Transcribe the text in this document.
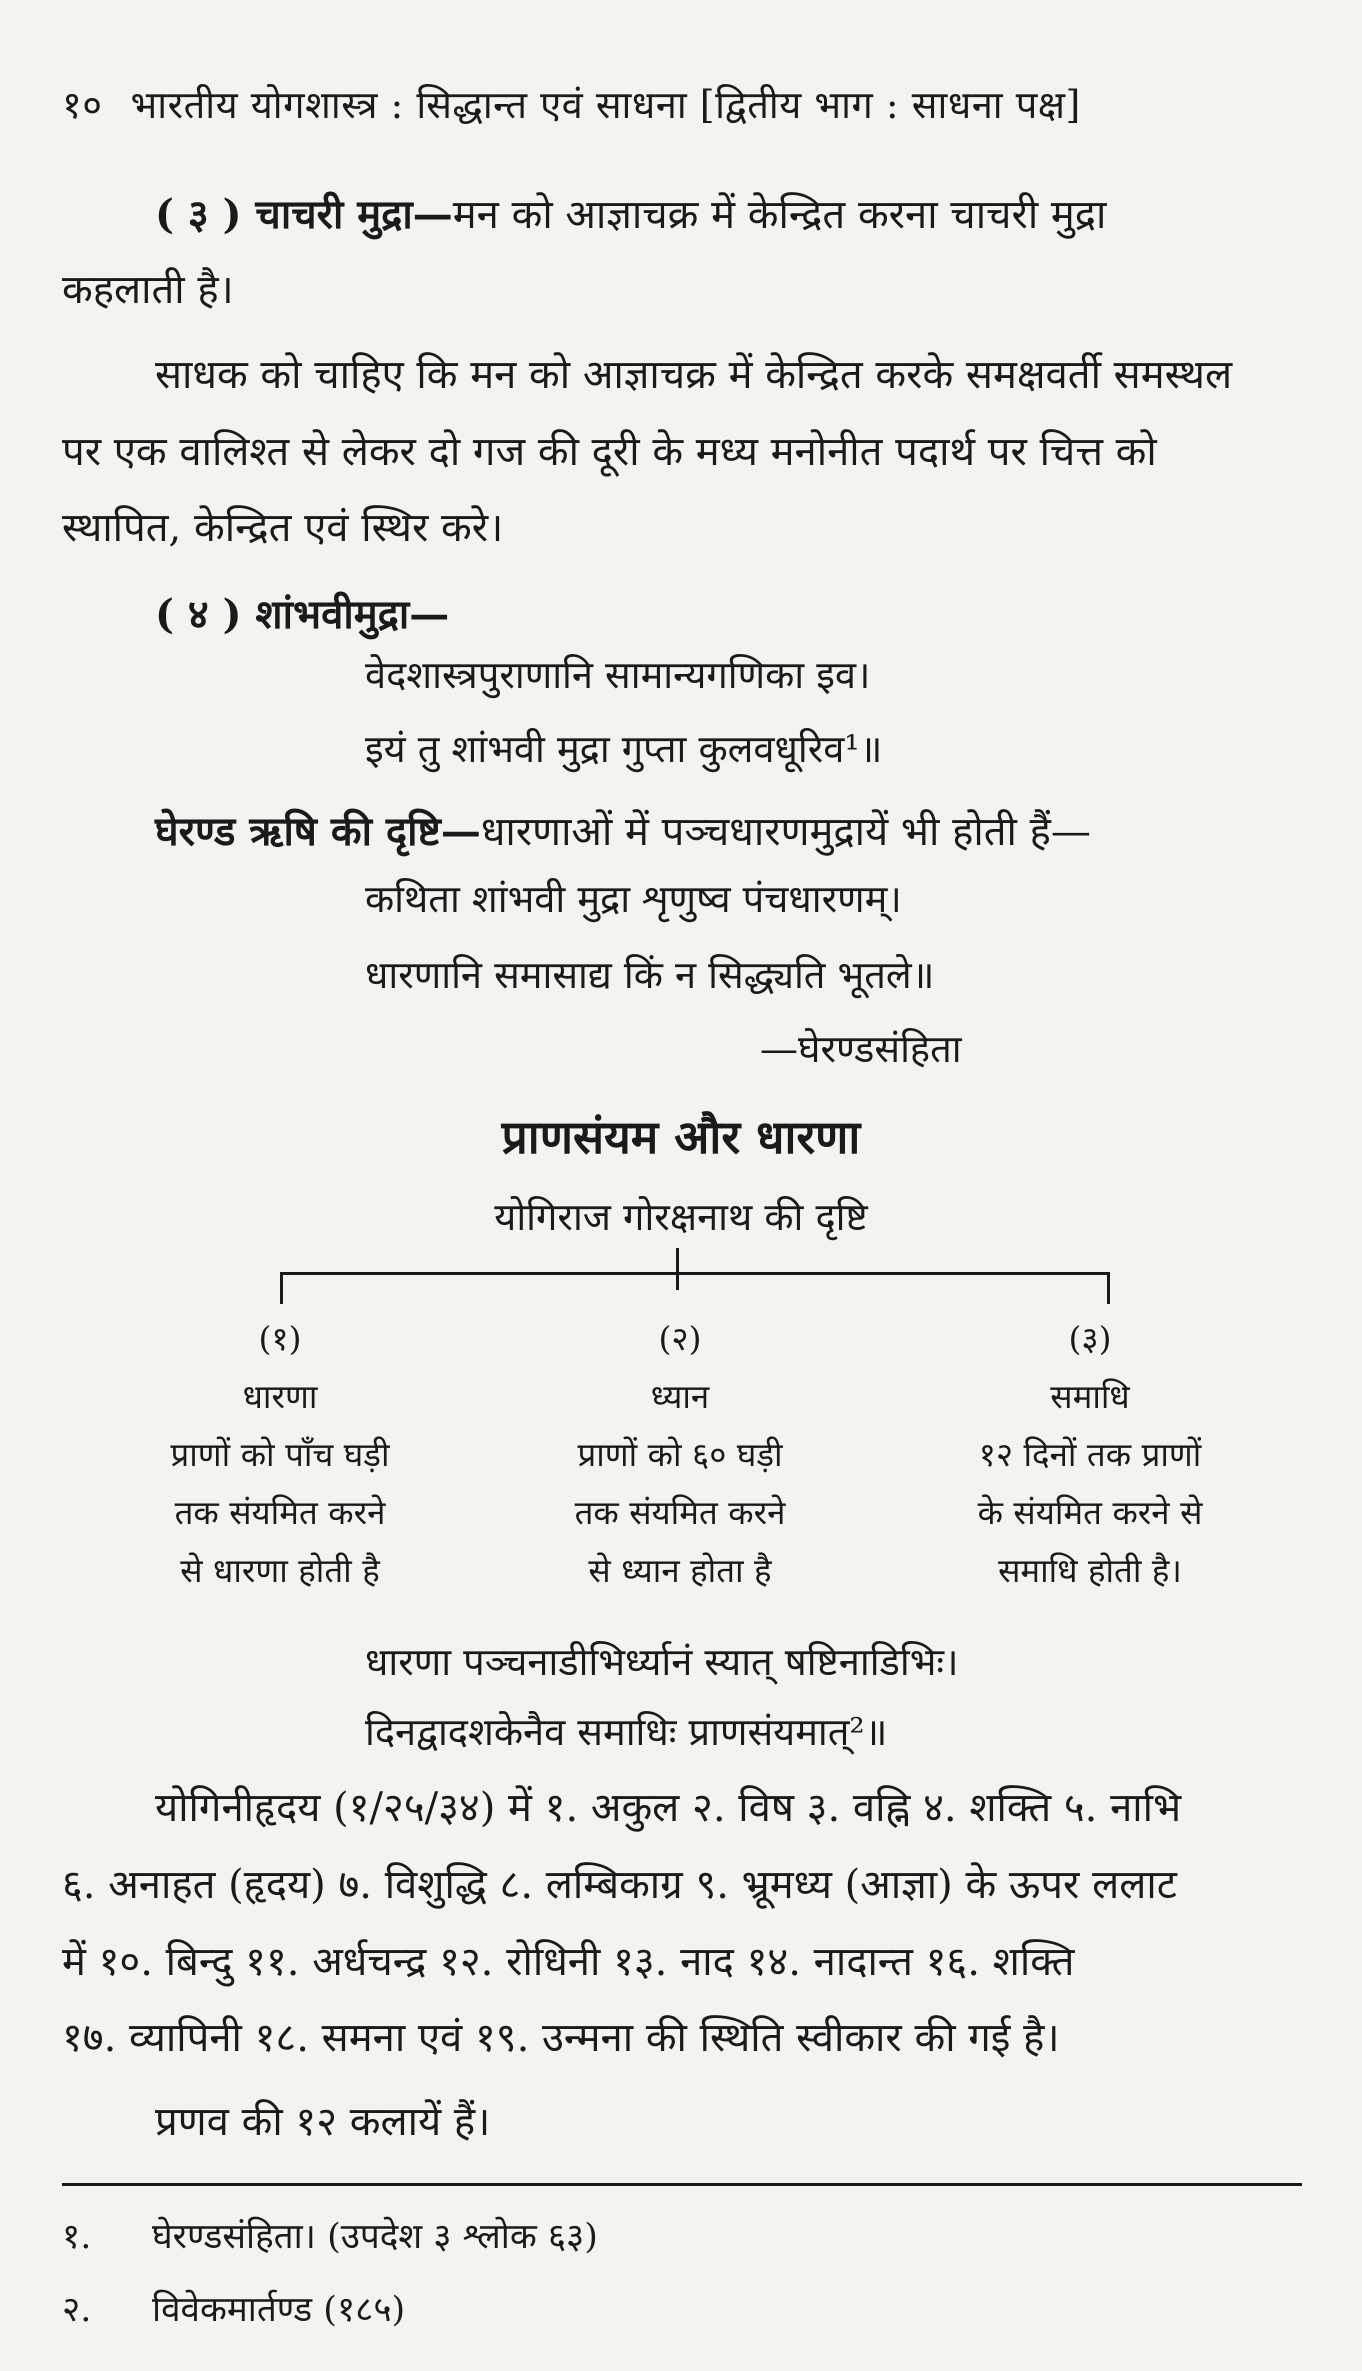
१० भारतीय योगशास्त्र : सिद्धान्त एवं साधना [द्वितीय भाग : साधना पक्ष]
( ३ ) चाचरी मुद्रा—मन को आज्ञाचक्र में केन्द्रित करना चाचरी मुद्रा
कहलाती है।
साधक को चाहिए कि मन को आज्ञाचक्र में केन्द्रित करके समक्षवर्ती समस्थल
पर एक वालिश्त से लेकर दो गज की दूरी के मध्य मनोनीत पदार्थ पर चित्त को
स्थापित, केन्द्रित एवं स्थिर करे।
( ४ ) शांभवीमुद्रा—
वेदशास्त्रपुराणानि सामान्यगणिका इव।
इयं तु शांभवी मुद्रा गुप्ता कुलवधूरिव¹॥
घेरण्ड ऋषि की दृष्टि—धारणाओं में पञ्चधारणमुद्रायें भी होती हैं—
कथिता शांभवी मुद्रा शृणुष्व पंचधारणम्।
धारणानि समासाद्य किं न सिद्ध्यति भूतले॥
—घेरण्डसंहिता
प्राणसंयम और धारणा
योगिराज गोरक्षनाथ की दृष्टि
(१)
धारणा
प्राणों को पाँच घड़ी
तक संयमित करने
से धारणा होती है
(२)
ध्यान
प्राणों को ६० घड़ी
तक संयमित करने
से ध्यान होता है
(३)
समाधि
१२ दिनों तक प्राणों
के संयमित करने से
समाधि होती है।
धारणा पञ्चनाडीभिर्ध्यानं स्यात् षष्टिनाडिभिः।
दिनद्वादशकेनैव समाधिः प्राणसंयमात्²॥
योगिनीहृदय (१/२५/३४) में १. अकुल २. विष ३. वह्नि ४. शक्ति ५. नाभि
६. अनाहत (हृदय) ७. विशुद्धि ८. लम्बिकाग्र ९. भ्रूमध्य (आज्ञा) के ऊपर ललाट
में १०. बिन्दु ११. अर्धचन्द्र १२. रोधिनी १३. नाद १४. नादान्त १६. शक्ति
१७. व्यापिनी १८. समना एवं १९. उन्मना की स्थिति स्वीकार की गई है।
प्रणव की १२ कलायें हैं।
१. घेरण्डसंहिता। (उपदेश ३ श्लोक ६३)
२. विवेकमार्तण्ड (१८५)
